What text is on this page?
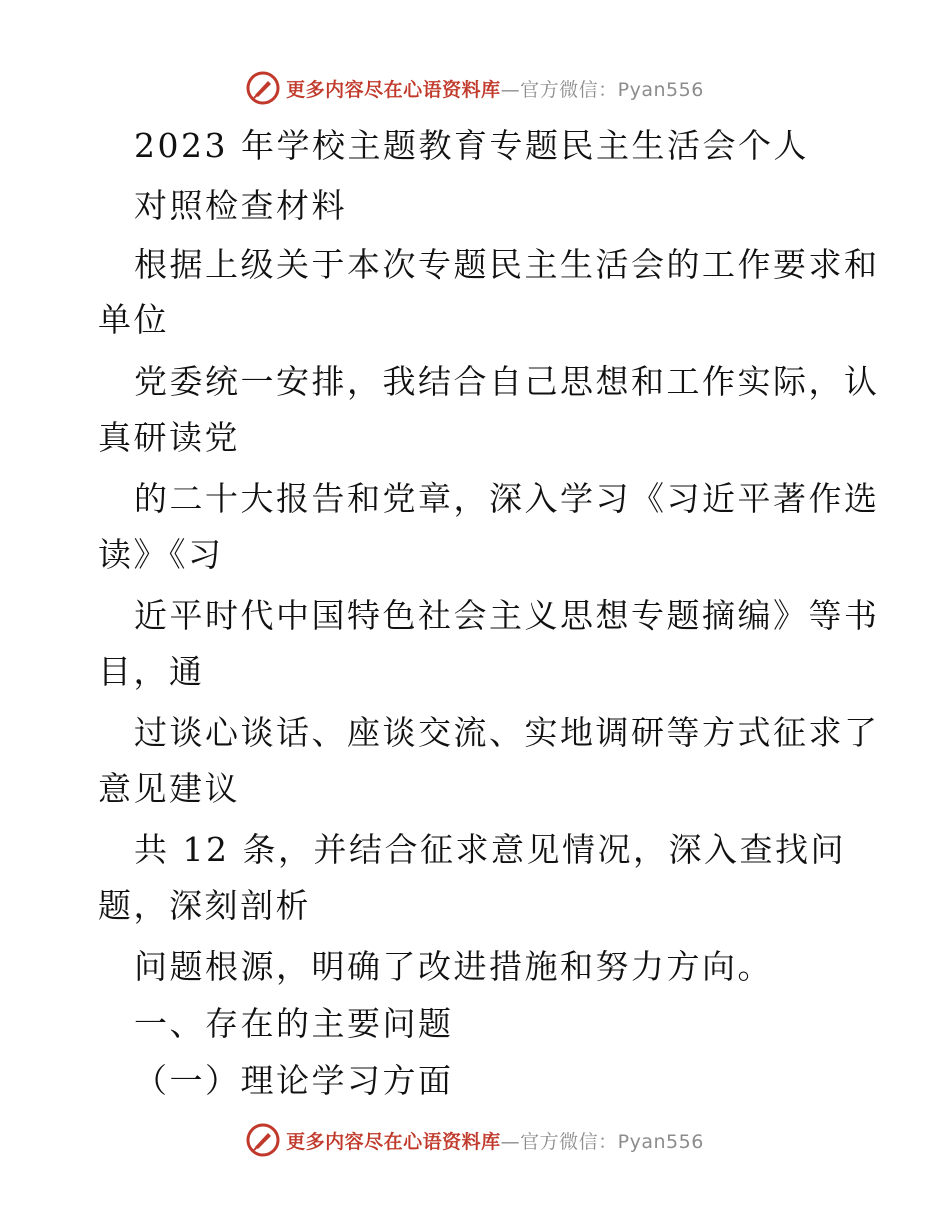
更多内容尽在心语资料库—官方微信：Pyan556
2023 年学校主题教育专题民主生活会个人
对照检查材料
根据上级关于本次专题民主生活会的工作要求和
单位
党委统一安排，我结合自己思想和工作实际，认
真研读党
的二十大报告和党章，深入学习《习近平著作选
读》《习
近平时代中国特色社会主义思想专题摘编》等书
目，通
过谈心谈话、座谈交流、实地调研等方式征求了
意见建议
共 12 条，并结合征求意见情况，深入查找问
题，深刻剖析
问题根源，明确了改进措施和努力方向。
一、存在的主要问题
（一）理论学习方面
更多内容尽在心语资料库—官方微信：Pyan556
